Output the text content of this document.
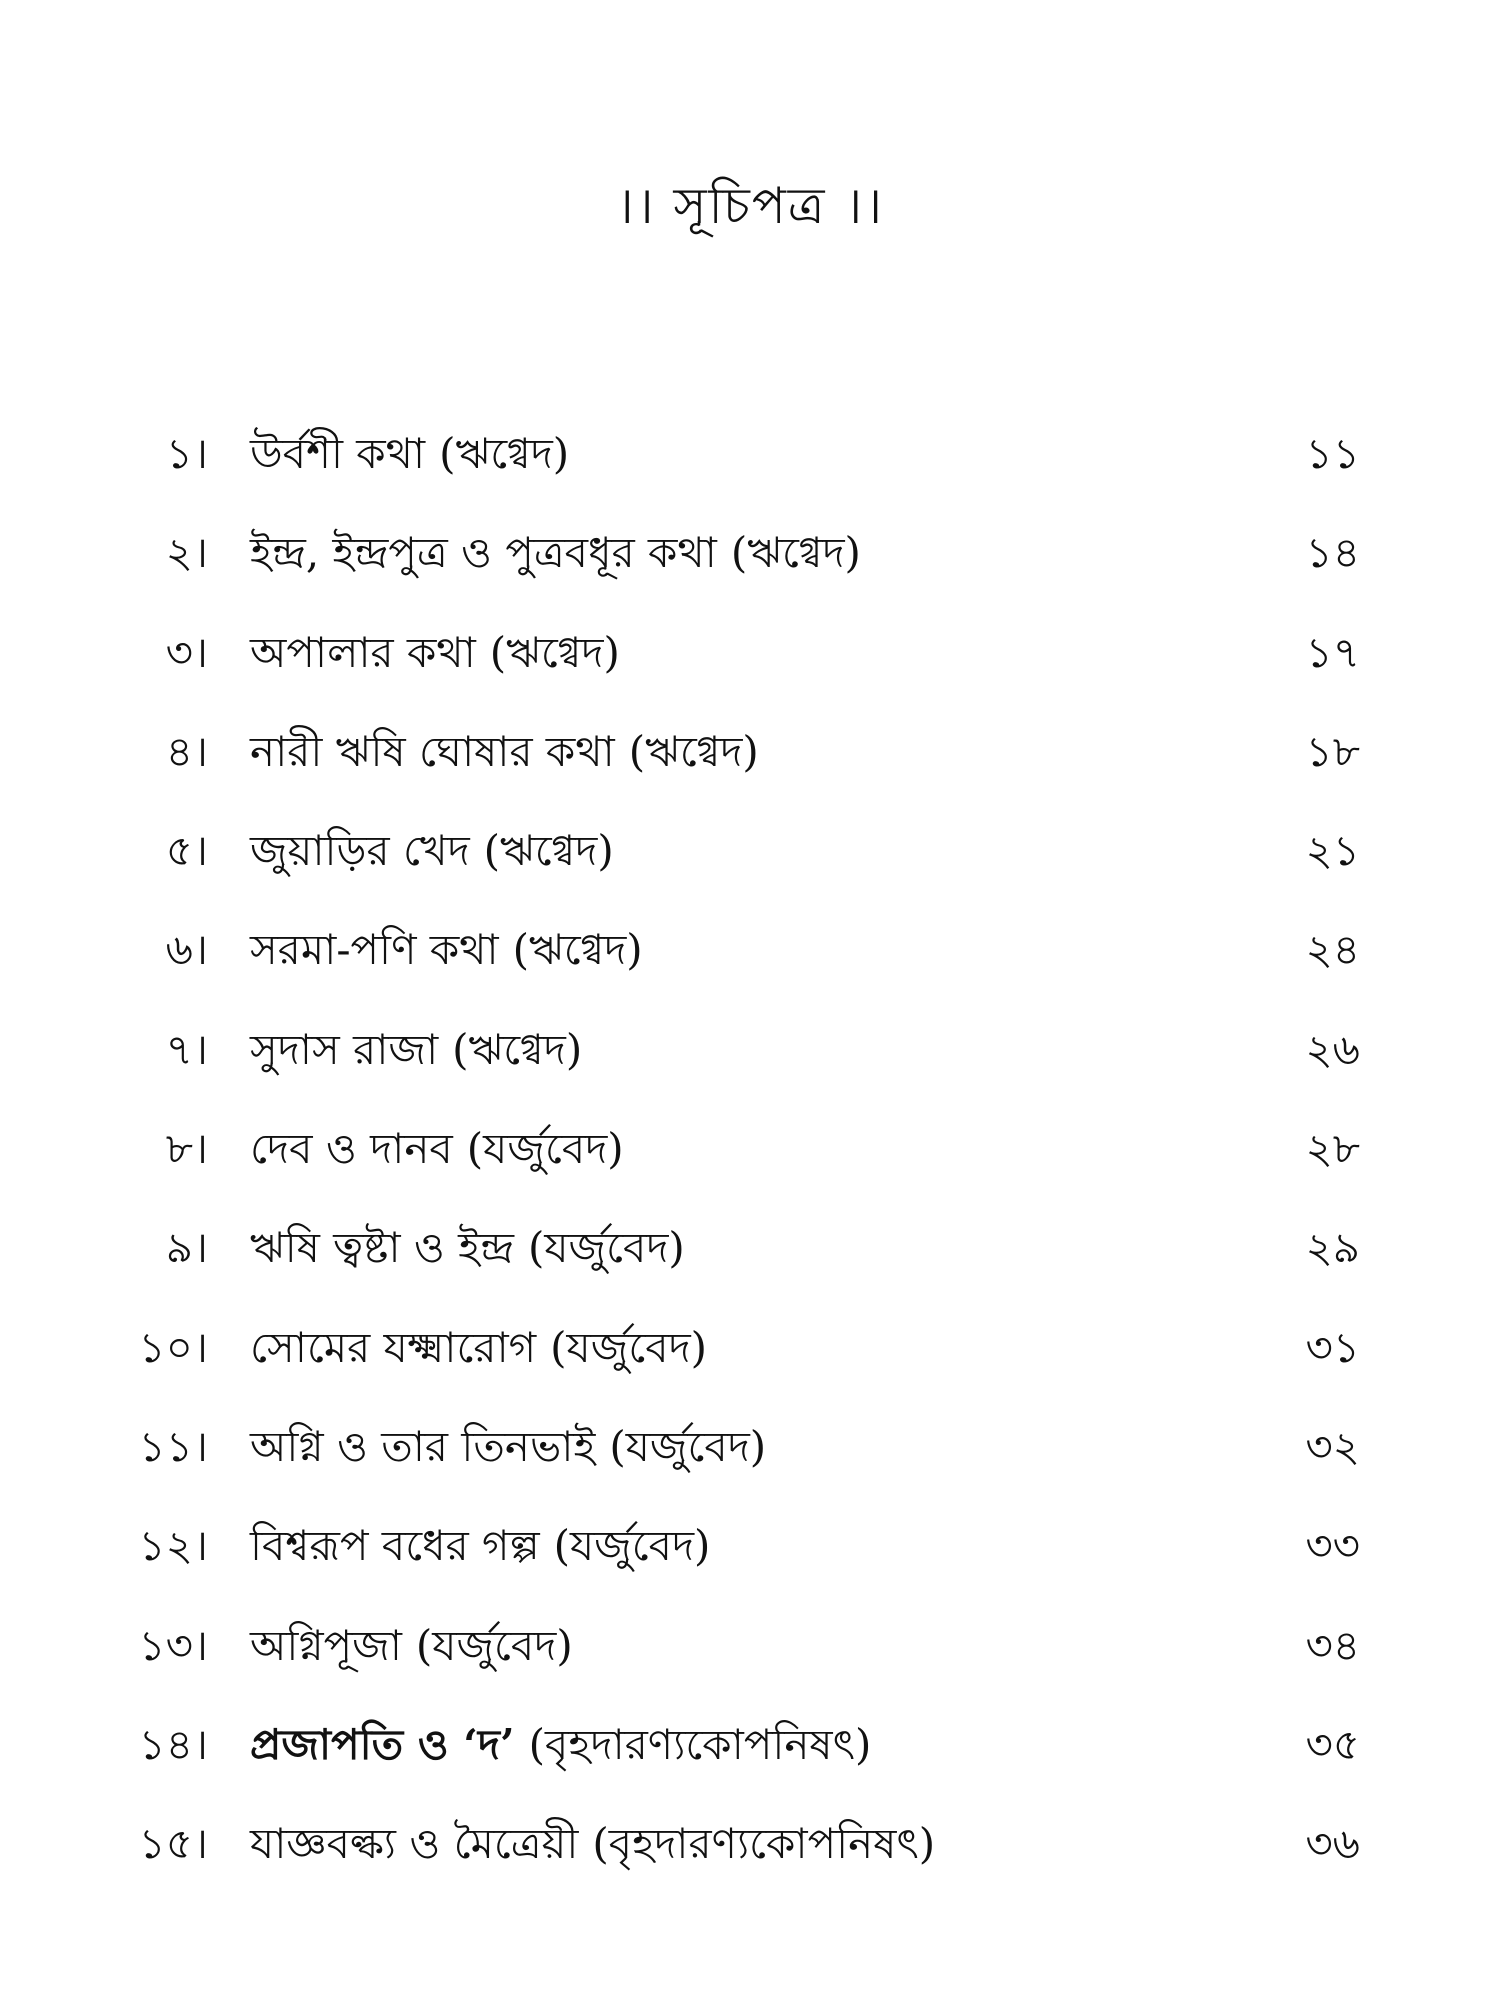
।। সূচিপত্র ।।
১। উর্বশী কথা (ঋগ্বেদ)	১১
২। ইন্দ্র, ইন্দ্রপুত্র ও পুত্রবধূর কথা (ঋগ্বেদ)	১৪
৩। অপালার কথা (ঋগ্বেদ)	১৭
৪। নারী ঋষি ঘোষার কথা (ঋগ্বেদ)	১৮
৫। জুয়াড়ির খেদ (ঋগ্বেদ)	২১
৬। সরমা-পণি কথা (ঋগ্বেদ)	২৪
৭। সুদাস রাজা (ঋগ্বেদ)	২৬
৮। দেব ও দানব (যর্জুবেদ)	২৮
৯। ঋষি ত্বষ্টা ও ইন্দ্র (যর্জুবেদ)	২৯
১০। সোমের যক্ষ্মারোগ (যর্জুবেদ)	৩১
১১। অগ্নি ও তার তিনভাই (যর্জুবেদ)	৩২
১২। বিশ্বরূপ বধের গল্প (যর্জুবেদ)	৩৩
১৩। অগ্নিপূজা (যর্জুবেদ)	৩৪
১৪। প্রজাপতি ও ‘দ’ (বৃহদারণ্যকোপনিষৎ)	৩৫
১৫। যাজ্ঞবল্ক্য ও মৈত্রেয়ী (বৃহদারণ্যকোপনিষৎ)	৩৬
